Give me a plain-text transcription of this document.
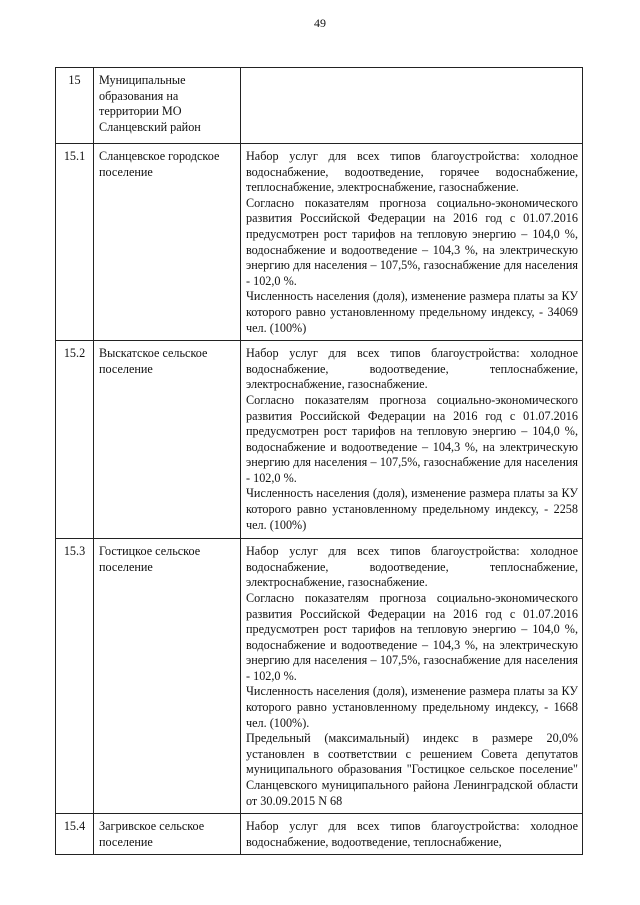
49
15	Муниципальные образования на территории МО Сланцевский район	
15.1	Сланцевское городское поселение	Набор услуг для всех типов благоустройства: холодное водоснабжение, водоотведение, горячее водоснабжение, теплоснабжение, электроснабжение, газоснабжение.
Согласно показателям прогноза социально-экономического развития Российской Федерации на 2016 год с 01.07.2016 предусмотрен рост тарифов на тепловую энергию – 104,0 %, водоснабжение и водоотведение – 104,3 %, на электрическую энергию для населения – 107,5%, газоснабжение для населения - 102,0 %.
Численность населения (доля), изменение размера платы за КУ которого равно установленному предельному индексу, - 34069 чел. (100%)

15.2	Выскатское сельское поселение	Набор услуг для всех типов благоустройства: холодное водоснабжение, водоотведение, теплоснабжение, электроснабжение, газоснабжение.
Согласно показателям прогноза социально-экономического развития Российской Федерации на 2016 год с 01.07.2016 предусмотрен рост тарифов на тепловую энергию – 104,0 %, водоснабжение и водоотведение – 104,3 %, на электрическую энергию для населения – 107,5%, газоснабжение для населения - 102,0 %.
Численность населения (доля), изменение размера платы за КУ которого равно установленному предельному индексу, - 2258 чел. (100%)

15.3	Гостицкое сельское поселение	Набор услуг для всех типов благоустройства: холодное водоснабжение, водоотведение, теплоснабжение, электроснабжение, газоснабжение.
Согласно показателям прогноза социально-экономического развития Российской Федерации на 2016 год с 01.07.2016 предусмотрен рост тарифов на тепловую энергию – 104,0 %, водоснабжение и водоотведение – 104,3 %, на электрическую энергию для населения – 107,5%, газоснабжение для населения - 102,0 %.
Численность населения (доля), изменение размера платы за КУ которого равно установленному предельному индексу, - 1668 чел. (100%).
Предельный (максимальный) индекс в размере 20,0% установлен в соответствии с решением Совета депутатов муниципального образования "Гостицкое сельское поселение" Сланцевского муниципального района Ленинградской области от 30.09.2015 N 68

15.4	Загривское сельское поселение	Набор услуг для всех типов благоустройства: холодное водоснабжение, водоотведение, теплоснабжение,
